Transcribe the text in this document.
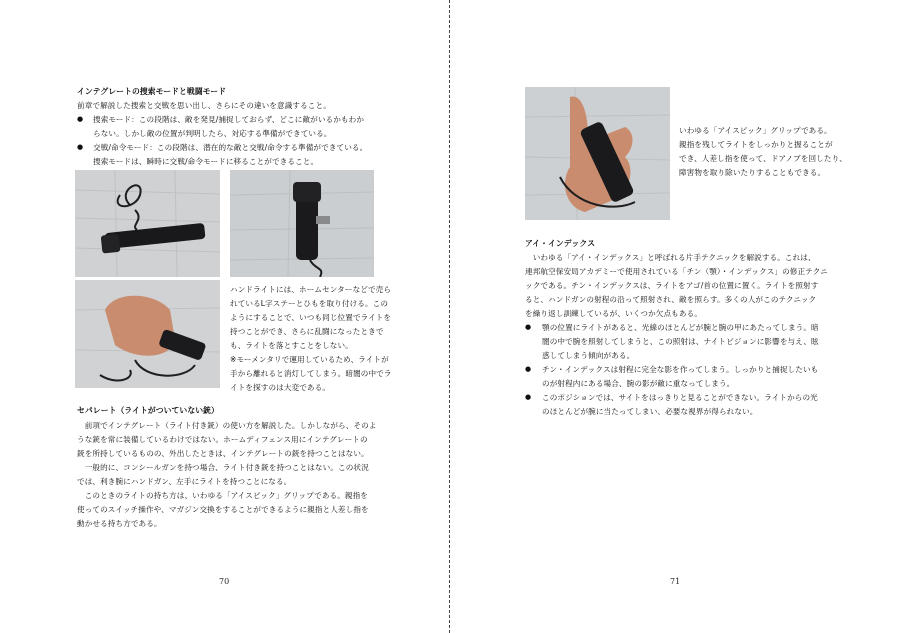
インテグレートの捜索モードと戦闘モード
前章で解説した捜索と交戦を思い出し、さらにその違いを意識すること。
● 捜索モード：この段階は、敵を発見/捕捉しておらず、どこに敵がいるかもわか
らない。しかし敵の位置が判明したら、対応する準備ができている。
● 交戦/命令モード：この段階は、潜在的な敵と交戦/命令する準備ができている。
捜索モードは、瞬時に交戦/命令モードに移ることができること。
ハンドライトには、ホームセンターなどで売ら
れているL字ステーとひもを取り付ける。この
ようにすることで、いつも同じ位置でライトを
持つことができ、さらに乱闘になったときで
も、ライトを落とすことをしない。
※モーメンタリで運用しているため、ライトが
手から離れると消灯してしまう。暗闇の中でラ
イトを探すのは大変である。
セパレート（ライトがついていない銃）
　前項でインテグレート（ライト付き銃）の使い方を解説した。しかしながら、そのよ
うな銃を常に装備しているわけではない。ホームディフェンス用にインテグレートの
銃を所持しているものの、外出したときは、インテグレートの銃を持つことはない。
　一般的に、コンシールガンを持つ場合、ライト付き銃を持つことはない。この状況
では、利き腕にハンドガン、左手にライトを持つことになる。
　このときのライトの持ち方は、いわゆる「アイスピック」グリップである。親指を
使ってのスイッチ操作や、マガジン交換をすることができるように親指と人差し指を
動かせる持ち方である。
70
いわゆる「アイスピック」グリップである。
親指を残してライトをしっかりと握ることが
でき、人差し指を使って、ドアノブを回したり、
障害物を取り除いたりすることもできる。
アイ・インデックス
　いわゆる「アイ・インデックス」と呼ばれる片手テクニックを解説する。これは、
連邦航空保安局アカデミーで使用されている「チン（顎）・インデックス」の修正テクニ
ックである。チン・インデックスは、ライトをアゴ/首の位置に置く。ライトを照射す
ると、ハンドガンの射程の沿って照射され、敵を照らす。多くの人がこのテクニック
を繰り返し訓練しているが、いくつか欠点もある。
● 顎の位置にライトがあると、光線のほとんどが腕と腕の甲にあたってしまう。暗
闇の中で腕を照射してしまうと、この照射は、ナイトビジョンに影響を与え、眩
惑してしまう傾向がある。
● チン・インデックスは射程に完全な影を作ってしまう。しっかりと捕捉したいも
のが射程内にある場合、腕の影が敵に重なってしまう。
● このポジションでは、サイトをはっきりと見ることができない。ライトからの光
のほとんどが腕に当たってしまい、必要な視界が得られない。
71
